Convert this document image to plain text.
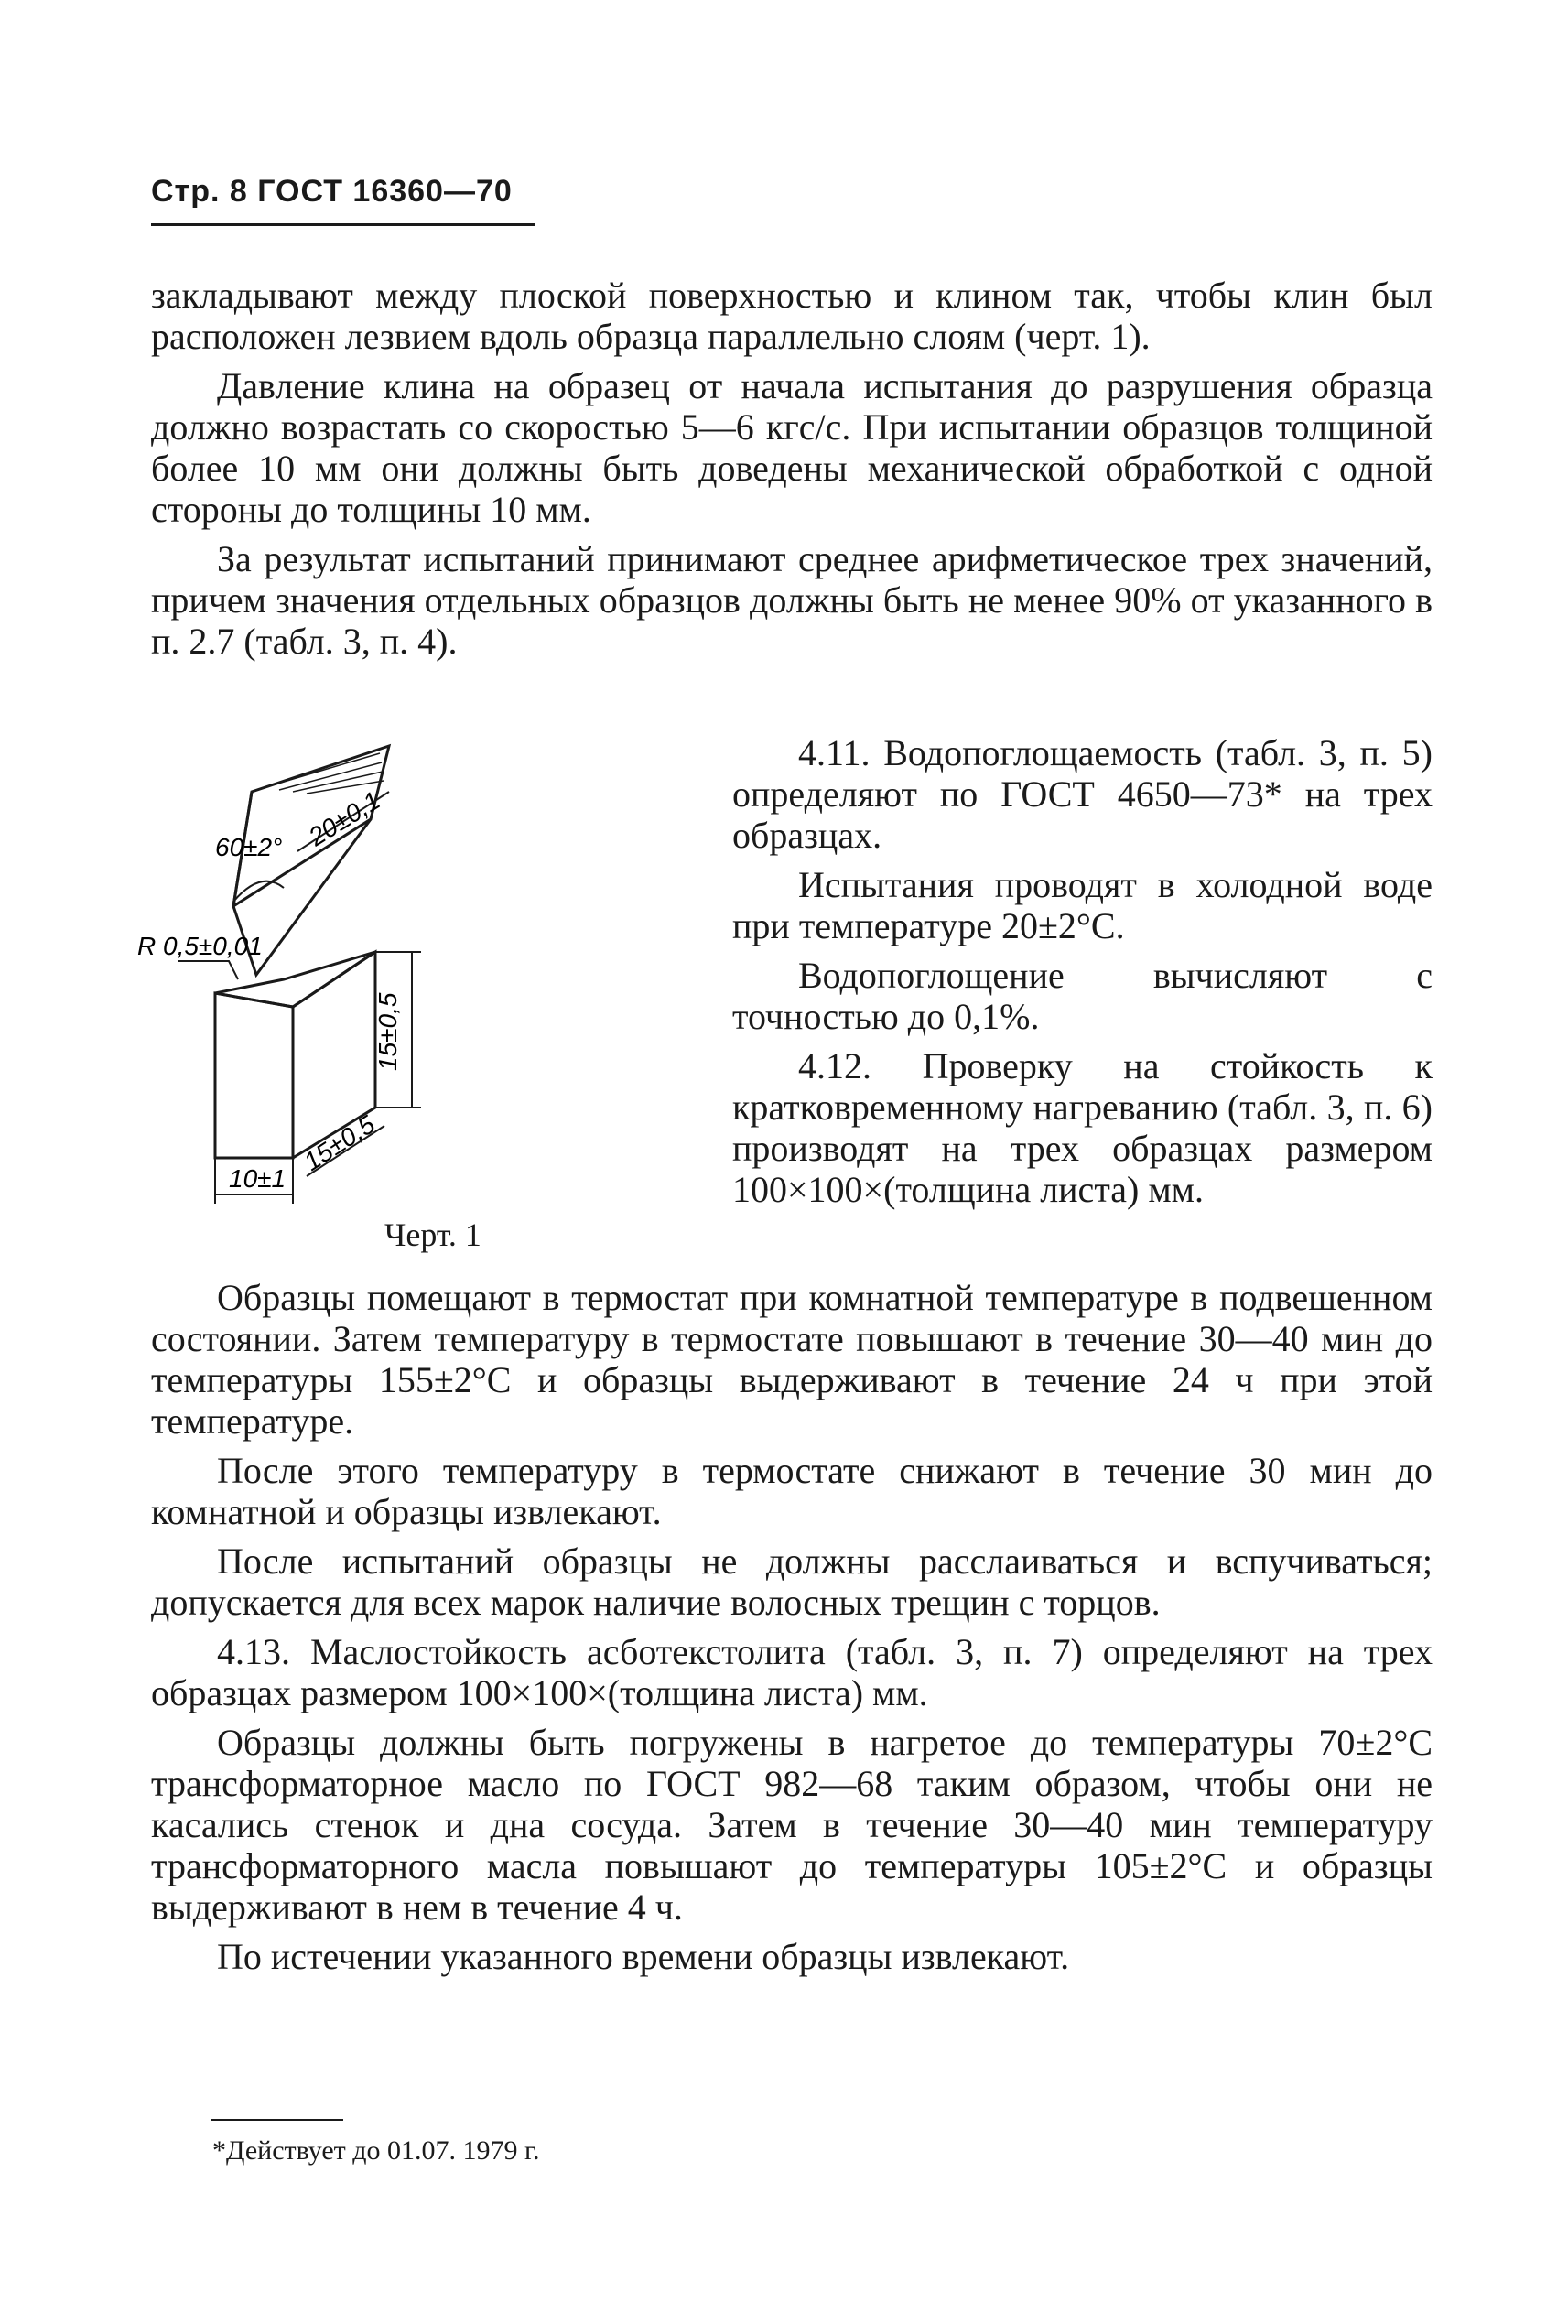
Стр. 8 ГОСТ 16360—70

закладывают между плоской поверхностью и клином так, чтобы клин был расположен лезвием вдоль образца параллельно слоям (черт. 1).

Давление клина на образец от начала испытания до разрушения образца должно возрастать со скоростью 5—6 кгс/с. При испытании образцов толщиной более 10 мм они должны быть доведены механической обработкой с одной стороны до толщины 10 мм.

За результат испытаний принимают среднее арифметическое трех значений, причем значения отдельных образцов должны быть не менее 90% от указанного в п. 2.7 (табл. 3, п. 4).

20±0,1
60±2°
R 0,5±0,01
15±0,5
15±0,5
10±1
Черт. 1

4.11. Водопоглощаемость (табл. 3, п. 5) определяют по ГОСТ 4650—73* на трех образцах.

Испытания проводят в холодной воде при температуре 20±2°С.

Водопоглощение вычисляют с точностью до 0,1%.

4.12. Проверку на стойкость к кратковременному нагреванию (табл. 3, п. 6) производят на трех образцах размером 100×100×(толщина листа) мм.

Образцы помещают в термостат при комнатной температуре в подвешенном состоянии. Затем температуру в термостате повышают в течение 30—40 мин до температуры 155±2°С и образцы выдерживают в течение 24 ч при этой температуре.

После этого температуру в термостате снижают в течение 30 мин до комнатной и образцы извлекают.

После испытаний образцы не должны расслаиваться и вспучиваться; допускается для всех марок наличие волосных трещин с торцов.

4.13. Маслостойкость асботекстолита (табл. 3, п. 7) определяют на трех образцах размером 100×100×(толщина листа) мм.

Образцы должны быть погружены в нагретое до температуры 70±2°С трансформаторное масло по ГОСТ 982—68 таким образом, чтобы они не касались стенок и дна сосуда. Затем в течение 30—40 мин температуру трансформаторного масла повышают до температуры 105±2°С и образцы выдерживают в нем в течение 4 ч.

По истечении указанного времени образцы извлекают.

*Действует до 01.07. 1979 г.
